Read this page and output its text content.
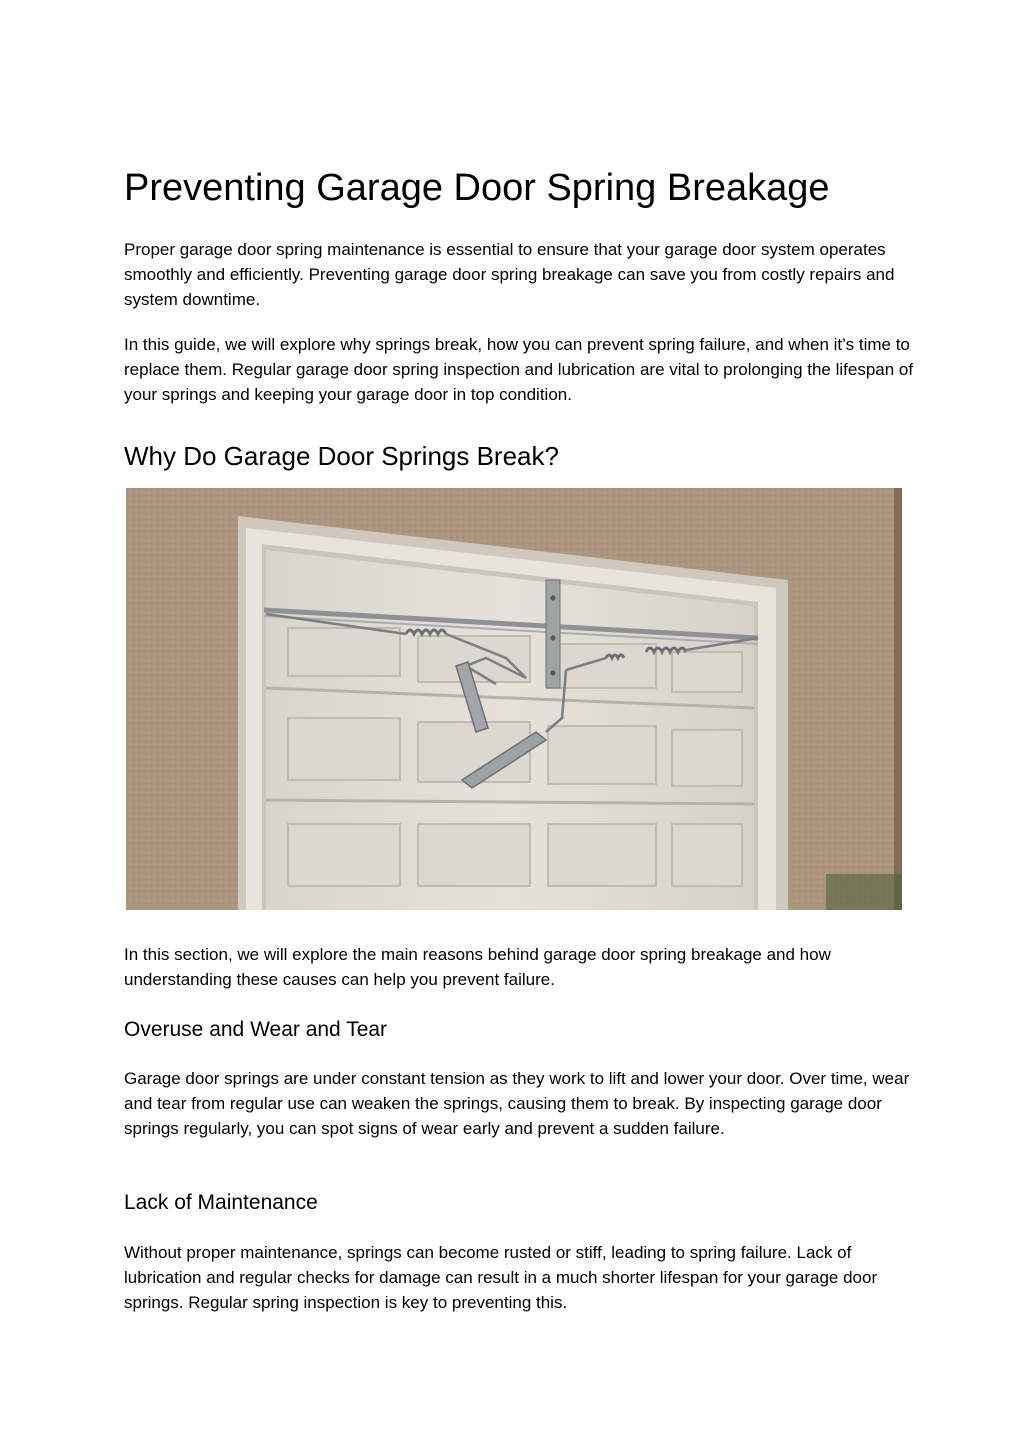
Preventing Garage Door Spring Breakage

Proper garage door spring maintenance is essential to ensure that your garage door system operates smoothly and efficiently. Preventing garage door spring breakage can save you from costly repairs and system downtime.

In this guide, we will explore why springs break, how you can prevent spring failure, and when it’s time to replace them. Regular garage door spring inspection and lubrication are vital to prolonging the lifespan of your springs and keeping your garage door in top condition.

Why Do Garage Door Springs Break?

In this section, we will explore the main reasons behind garage door spring breakage and how understanding these causes can help you prevent failure.

Overuse and Wear and Tear

Garage door springs are under constant tension as they work to lift and lower your door. Over time, wear and tear from regular use can weaken the springs, causing them to break. By inspecting garage door springs regularly, you can spot signs of wear early and prevent a sudden failure.

Lack of Maintenance

Without proper maintenance, springs can become rusted or stiff, leading to spring failure. Lack of lubrication and regular checks for damage can result in a much shorter lifespan for your garage door springs. Regular spring inspection is key to preventing this.
